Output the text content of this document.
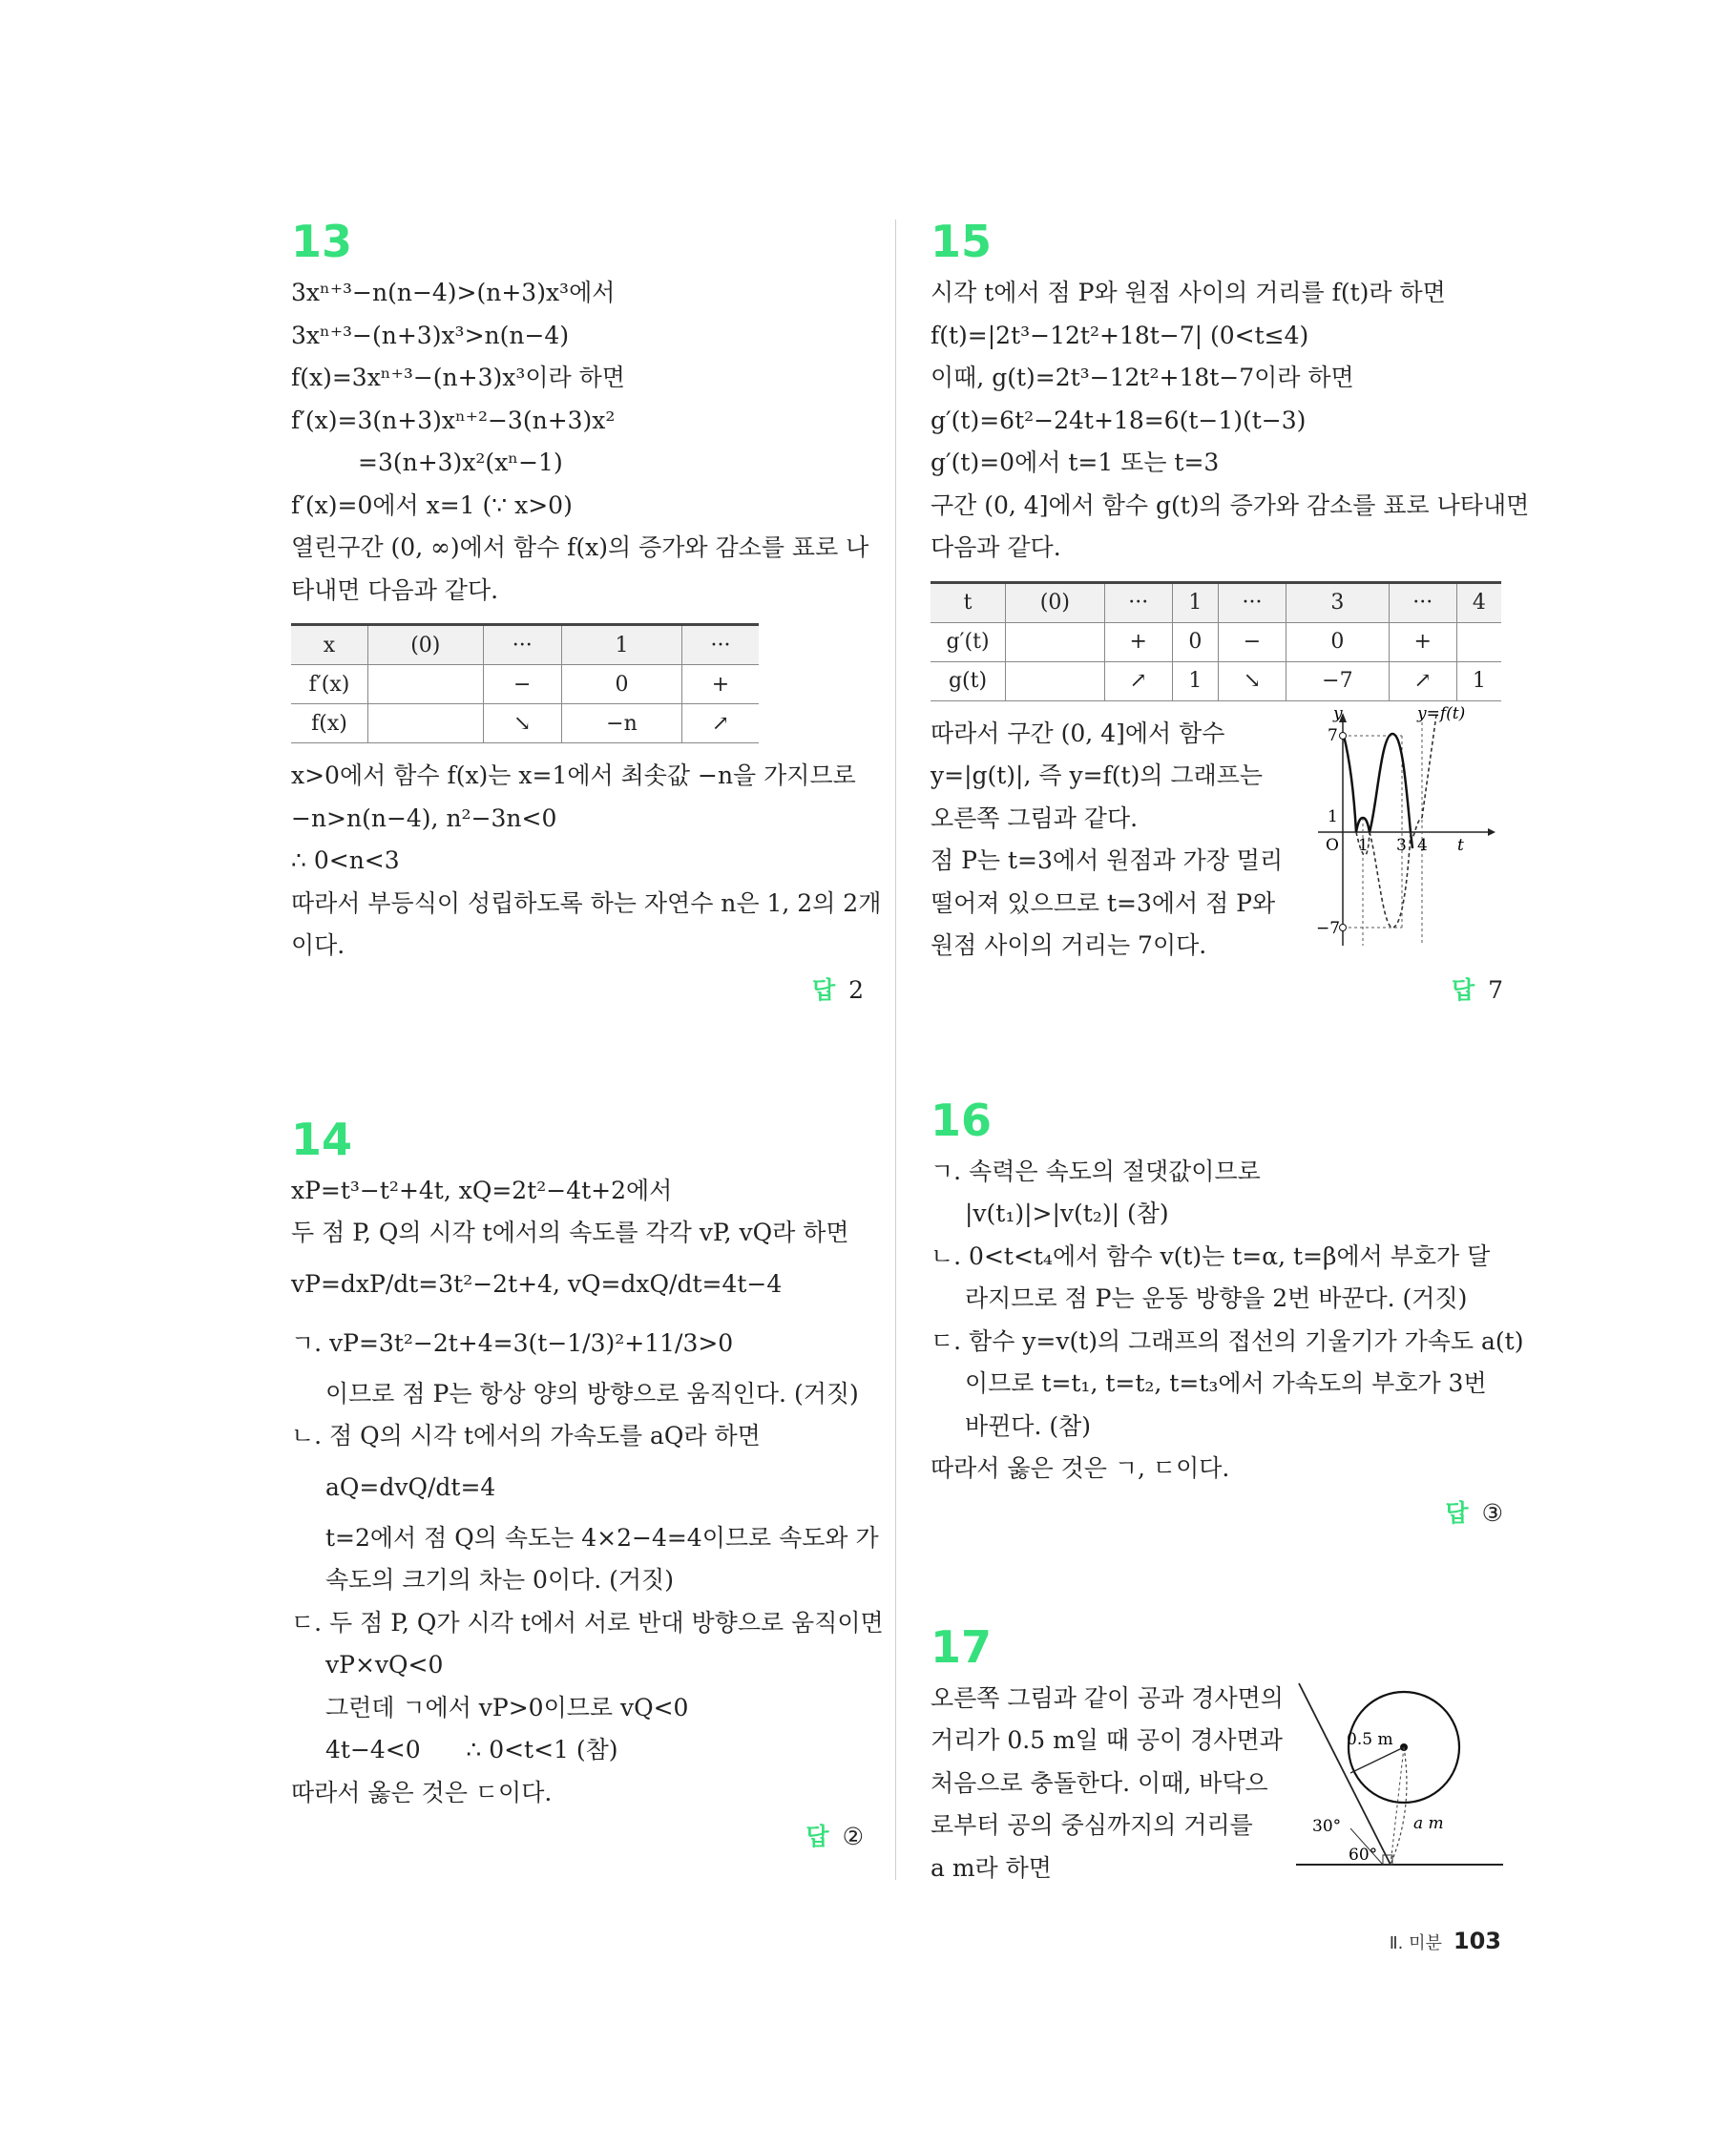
13
3xⁿ⁺³−n(n−4)>(n+3)x³에서
3xⁿ⁺³−(n+3)x³>n(n−4)
f(x)=3xⁿ⁺³−(n+3)x³이라 하면
f′(x)=3(n+3)xⁿ⁺²−3(n+3)x²
=3(n+3)x²(xⁿ−1)
f′(x)=0에서 x=1 (∵ x>0)
열린구간 (0, ∞)에서 함수 f(x)의 증가와 감소를 표로 나
타내면 다음과 같다.
x	(0)	···	1	···
f′(x)		−	0	+
f(x)		↘	−n	↗
x>0에서 함수 f(x)는 x=1에서 최솟값 −n을 가지므로
−n>n(n−4), n²−3n<0
∴ 0<n<3
따라서 부등식이 성립하도록 하는 자연수 n은 1, 2의 2개
이다.
답 2
14
xP=t³−t²+4t, xQ=2t²−4t+2에서
두 점 P, Q의 시각 t에서의 속도를 각각 vP, vQ라 하면
vP=dxP/dt=3t²−2t+4, vQ=dxQ/dt=4t−4
ㄱ. vP=3t²−2t+4=3(t−1/3)²+11/3>0
이므로 점 P는 항상 양의 방향으로 움직인다. (거짓)
ㄴ. 점 Q의 시각 t에서의 가속도를 aQ라 하면
aQ=dvQ/dt=4
t=2에서 점 Q의 속도는 4×2−4=4이므로 속도와 가
속도의 크기의 차는 0이다. (거짓)
ㄷ. 두 점 P, Q가 시각 t에서 서로 반대 방향으로 움직이면
vP×vQ<0
그런데 ㄱ에서 vP>0이므로 vQ<0
4t−4<0      ∴ 0<t<1 (참)
따라서 옳은 것은 ㄷ이다.
답 ②
15
시각 t에서 점 P와 원점 사이의 거리를 f(t)라 하면
f(t)=|2t³−12t²+18t−7| (0<t≤4)
이때, g(t)=2t³−12t²+18t−7이라 하면
g′(t)=6t²−24t+18=6(t−1)(t−3)
g′(t)=0에서 t=1 또는 t=3
구간 (0, 4]에서 함수 g(t)의 증가와 감소를 표로 나타내면
다음과 같다.
t	(0)	···	1	···	3	···	4
g′(t)		+	0	−	0	+	
g(t)		↗	1	↘	−7	↗	1
따라서 구간 (0, 4]에서 함수
y=|g(t)|, 즉 y=f(t)의 그래프는
오른쪽 그림과 같다.
점 P는 t=3에서 원점과 가장 멀리
떨어져 있으므로 t=3에서 점 P와
원점 사이의 거리는 7이다.
y	y=f(t)
7
1
O 1 3 4 t
−7
답 7
16
ㄱ. 속력은 속도의 절댓값이므로
|v(t₁)|>|v(t₂)| (참)
ㄴ. 0<t<t₄에서 함수 v(t)는 t=α, t=β에서 부호가 달
라지므로 점 P는 운동 방향을 2번 바꾼다. (거짓)
ㄷ. 함수 y=v(t)의 그래프의 접선의 기울기가 가속도 a(t)
이므로 t=t₁, t=t₂, t=t₃에서 가속도의 부호가 3번
바뀐다. (참)
따라서 옳은 것은 ㄱ, ㄷ이다.
답 ③
17
오른쪽 그림과 같이 공과 경사면의
거리가 0.5 m일 때 공이 경사면과
처음으로 충돌한다. 이때, 바닥으
로부터 공의 중심까지의 거리를
a m라 하면
0.5 m
a m
30°
60°
Ⅱ. 미분 103
